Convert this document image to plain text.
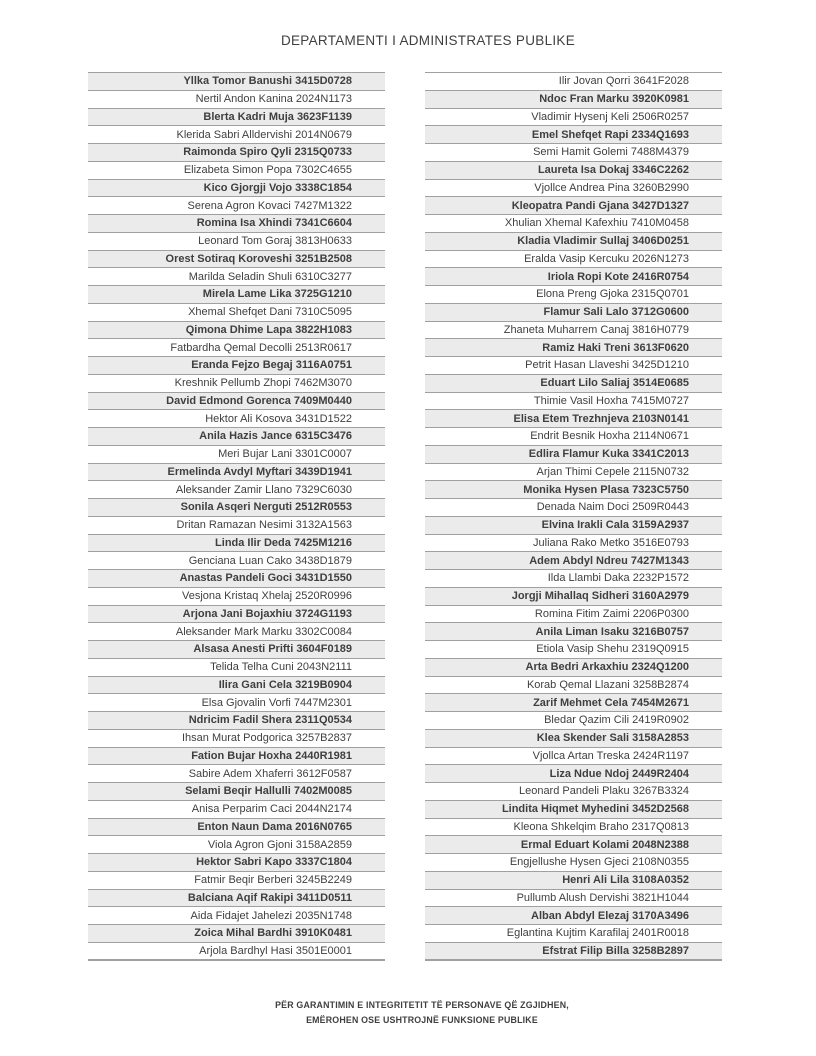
DEPARTAMENTI I ADMINISTRATES PUBLIKE
Yllka Tomor Banushi 3415D0728
Nertil Andon Kanina 2024N1173
Blerta Kadri Muja 3623F1139
Klerida Sabri Alldervishi 2014N0679
Raimonda Spiro Qyli 2315Q0733
Elizabeta Simon Popa 7302C4655
Kico Gjorgji Vojo 3338C1854
Serena Agron Kovaci 7427M1322
Romina Isa Xhindi 7341C6604
Leonard Tom Goraj 3813H0633
Orest Sotiraq Koroveshi 3251B2508
Marilda Seladin Shuli 6310C3277
Mirela Lame Lika 3725G1210
Xhemal Shefqet Dani 7310C5095
Qimona Dhime Lapa 3822H1083
Fatbardha Qemal Decolli 2513R0617
Eranda Fejzo Begaj 3116A0751
Kreshnik Pellumb Zhopi 7462M3070
David Edmond Gorenca 7409M0440
Hektor Ali Kosova 3431D1522
Anila Hazis Jance 6315C3476
Meri Bujar Lani 3301C0007
Ermelinda Avdyl Myftari 3439D1941
Aleksander Zamir Llano 7329C6030
Sonila Asqeri Nerguti 2512R0553
Dritan Ramazan Nesimi 3132A1563
Linda Ilir Deda 7425M1216
Genciana Luan Cako 3438D1879
Anastas Pandeli Goci 3431D1550
Vesjona Kristaq Xhelaj 2520R0996
Arjona Jani Bojaxhiu 3724G1193
Aleksander Mark Marku 3302C0084
Alsasa Anesti Prifti 3604F0189
Telida Telha Cuni 2043N2111
Ilira Gani Cela 3219B0904
Elsa Gjovalin Vorfi 7447M2301
Ndricim Fadil Shera 2311Q0534
Ihsan Murat Podgorica 3257B2837
Fation Bujar Hoxha 2440R1981
Sabire Adem Xhaferri 3612F0587
Selami Beqir Hallulli 7402M0085
Anisa Perparim Caci 2044N2174
Enton Naun Dama 2016N0765
Viola Agron Gjoni 3158A2859
Hektor Sabri Kapo 3337C1804
Fatmir Beqir Berberi 3245B2249
Balciana Aqif Rakipi 3411D0511
Aida Fidajet Jahelezi 2035N1748
Zoica Mihal Bardhi 3910K0481
Arjola Bardhyl Hasi 3501E0001
Ilir Jovan Qorri 3641F2028
Ndoc Fran Marku 3920K0981
Vladimir Hysenj Keli 2506R0257
Emel Shefqet Rapi 2334Q1693
Semi Hamit Golemi 7488M4379
Laureta Isa Dokaj 3346C2262
Vjollce Andrea Pina 3260B2990
Kleopatra Pandi Gjana 3427D1327
Xhulian Xhemal Kafexhiu 7410M0458
Kladia Vladimir Sullaj 3406D0251
Eralda Vasip Kercuku 2026N1273
Iriola Ropi Kote 2416R0754
Elona Preng Gjoka 2315Q0701
Flamur Sali Lalo 3712G0600
Zhaneta Muharrem Canaj 3816H0779
Ramiz Haki Treni 3613F0620
Petrit Hasan Llaveshi 3425D1210
Eduart Lilo Saliaj 3514E0685
Thimie Vasil Hoxha 7415M0727
Elisa Etem Trezhnjeva 2103N0141
Endrit Besnik Hoxha 2114N0671
Edlira Flamur Kuka 3341C2013
Arjan Thimi Cepele 2115N0732
Monika Hysen Plasa 7323C5750
Denada Naim Doci 2509R0443
Elvina Irakli Cala 3159A2937
Juliana Rako Metko 3516E0793
Adem Abdyl Ndreu 7427M1343
Ilda Llambi Daka 2232P1572
Jorgji Mihallaq Sidheri 3160A2979
Romina Fitim Zaimi 2206P0300
Anila Liman Isaku 3216B0757
Etiola Vasip Shehu 2319Q0915
Arta Bedri Arkaxhiu 2324Q1200
Korab Qemal Llazani 3258B2874
Zarif Mehmet Cela 7454M2671
Bledar Qazim Cili 2419R0902
Klea Skender Sali 3158A2853
Vjollca Artan Treska 2424R1197
Liza Ndue Ndoj 2449R2404
Leonard Pandeli Plaku 3267B3324
Lindita Hiqmet Myhedini 3452D2568
Kleona Shkelqim Braho 2317Q0813
Ermal Eduart Kolami 2048N2388
Engjellushe Hysen Gjeci 2108N0355
Henri Ali Lila 3108A0352
Pullumb Alush Dervishi 3821H1044
Alban Abdyl Elezaj 3170A3496
Eglantina Kujtim Karafilaj 2401R0018
Efstrat Filip Billa 3258B2897
PËR GARANTIMIN E INTEGRITETIT TË PERSONAVE QË ZGJIDHEN,
EMËROHEN OSE USHTROJNË FUNKSIONE PUBLIKE
